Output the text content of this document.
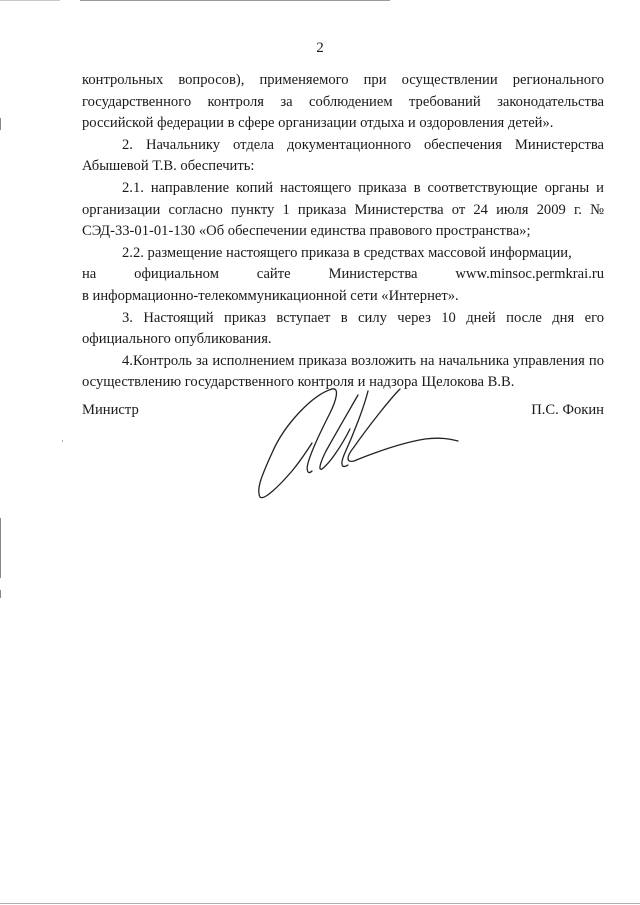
2

контрольных вопросов), применяемого при осуществлении регионального государственного контроля за соблюдением требований законодательства российской федерации в сфере организации отдыха и оздоровления детей».

2. Начальнику отдела документационного обеспечения Министерства Абышевой Т.В. обеспечить:

2.1. направление копий настоящего приказа в соответствующие органы и организации согласно пункту 1 приказа Министерства от 24 июля 2009 г. № СЭД-33-01-01-130 «Об обеспечении единства правового пространства»;

2.2. размещение настоящего приказа в средствах массовой информации,

на официальном сайте Министерства www.minsoc.permkrai.ru

в информационно-телекоммуникационной сети «Интернет».

3. Настоящий приказ вступает в силу через 10 дней после дня его официального опубликования.

4.Контроль за исполнением приказа возложить на начальника управления по осуществлению государственного контроля и надзора Щелокова В.В.

Министр	П.С. Фокин
